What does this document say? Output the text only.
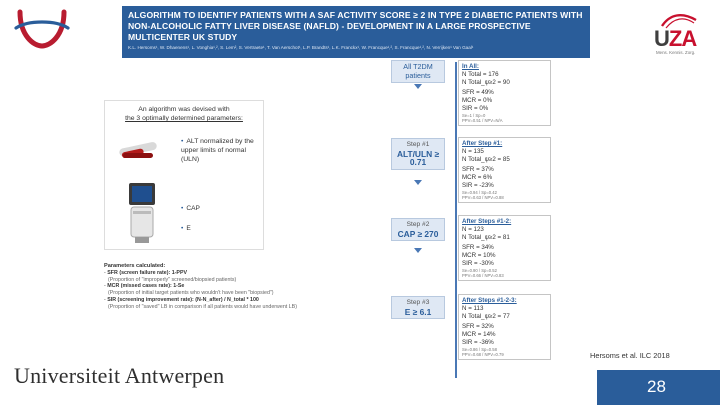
ALGORITHM TO IDENTIFY PATIENTS WITH A SAF ACTIVITY SCORE ≥ 2 IN TYPE 2 DIABETIC PATIENTS WITH NON-ALCOHOLIC FATTY LIVER DISEASE (NAFLD) - DEVELOPMENT IN A LARGE PROSPECTIVE MULTICENTER UK STUDY
K.L. Hersoms¹, W. Dhaenens¹, L. Vonghia¹,², S. Lem², S. Vertraete¹, T. Van Aerschot¹, L.P. Brandts¹, L.K. Franckx¹, W. Francque¹,², S. Francque¹,², N. Verrijken¹ Van Gaal¹	UZA
Mens. Kennis. Zorg.
An algorithm was devised with
the 3 optimally determined parameters:
• ALT normalized by the upper limits of normal (ULN)
• CAP
• E
Parameters calculated:
- SFR (screen failure rate): 1-PPV
(Proportion of "improperly" screened/biopsied patients)
- MCR (missed cases rate): 1-Se
(Proportion of initial target patients who wouldn't have been "biopsied")
- SIR (screening improvement rate): (N-N_after) / N_total * 100
(Proportion of "saved" LB in comparison if all patients would have underwent LB)
All T2DM
patients
Step #1
ALT/ULN ≥ 0.71
Step #2
CAP ≥ 270
Step #3
E ≥ 6.1
In All:
N Total = 176
N Total_ψ≥2 = 90
SFR = 49%
MCR = 0%
SIR = 0%
Se=1 / Sp=0
PPV=0.51 / NPV=N/A
After Step #1:
N = 135
N Total_ψ≥2 = 85
SFR = 37%
MCR = 6%
SIR = -23%
Se=0.94 / Sp=0.42
PPV=0.63 / NPV=0.88
After Steps #1-2:
N = 123
N Total_ψ≥2 = 81
SFR = 34%
MCR = 10%
SIR = -30%
Se=0.90 / Sp=0.52
PPV=0.66 / NPV=0.83
After Steps #1-2-3:
N = 113
N Total_ψ≥2 = 77
SFR = 32%
MCR = 14%
SIR = -36%
Se=0.86 / Sp=0.58
PPV=0.68 / NPV=0.79	Hersoms et al. ILC 2018
Universiteit Antwerpen	28
